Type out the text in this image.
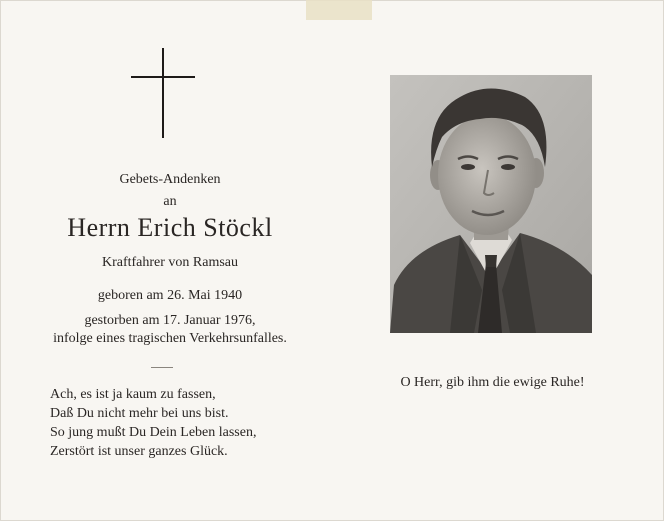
Gebets-Andenken
an
Herrn Erich Stöckl
Kraftfahrer von Ramsau
geboren am 26. Mai 1940
gestorben am 17. Januar 1976,
infolge eines tragischen Verkehrsunfalles.
Ach, es ist ja kaum zu fassen,
Daß Du nicht mehr bei uns bist.
So jung mußt Du Dein Leben lassen,
Zerstört ist unser ganzes Glück.
O Herr, gib ihm die ewige Ruhe!
